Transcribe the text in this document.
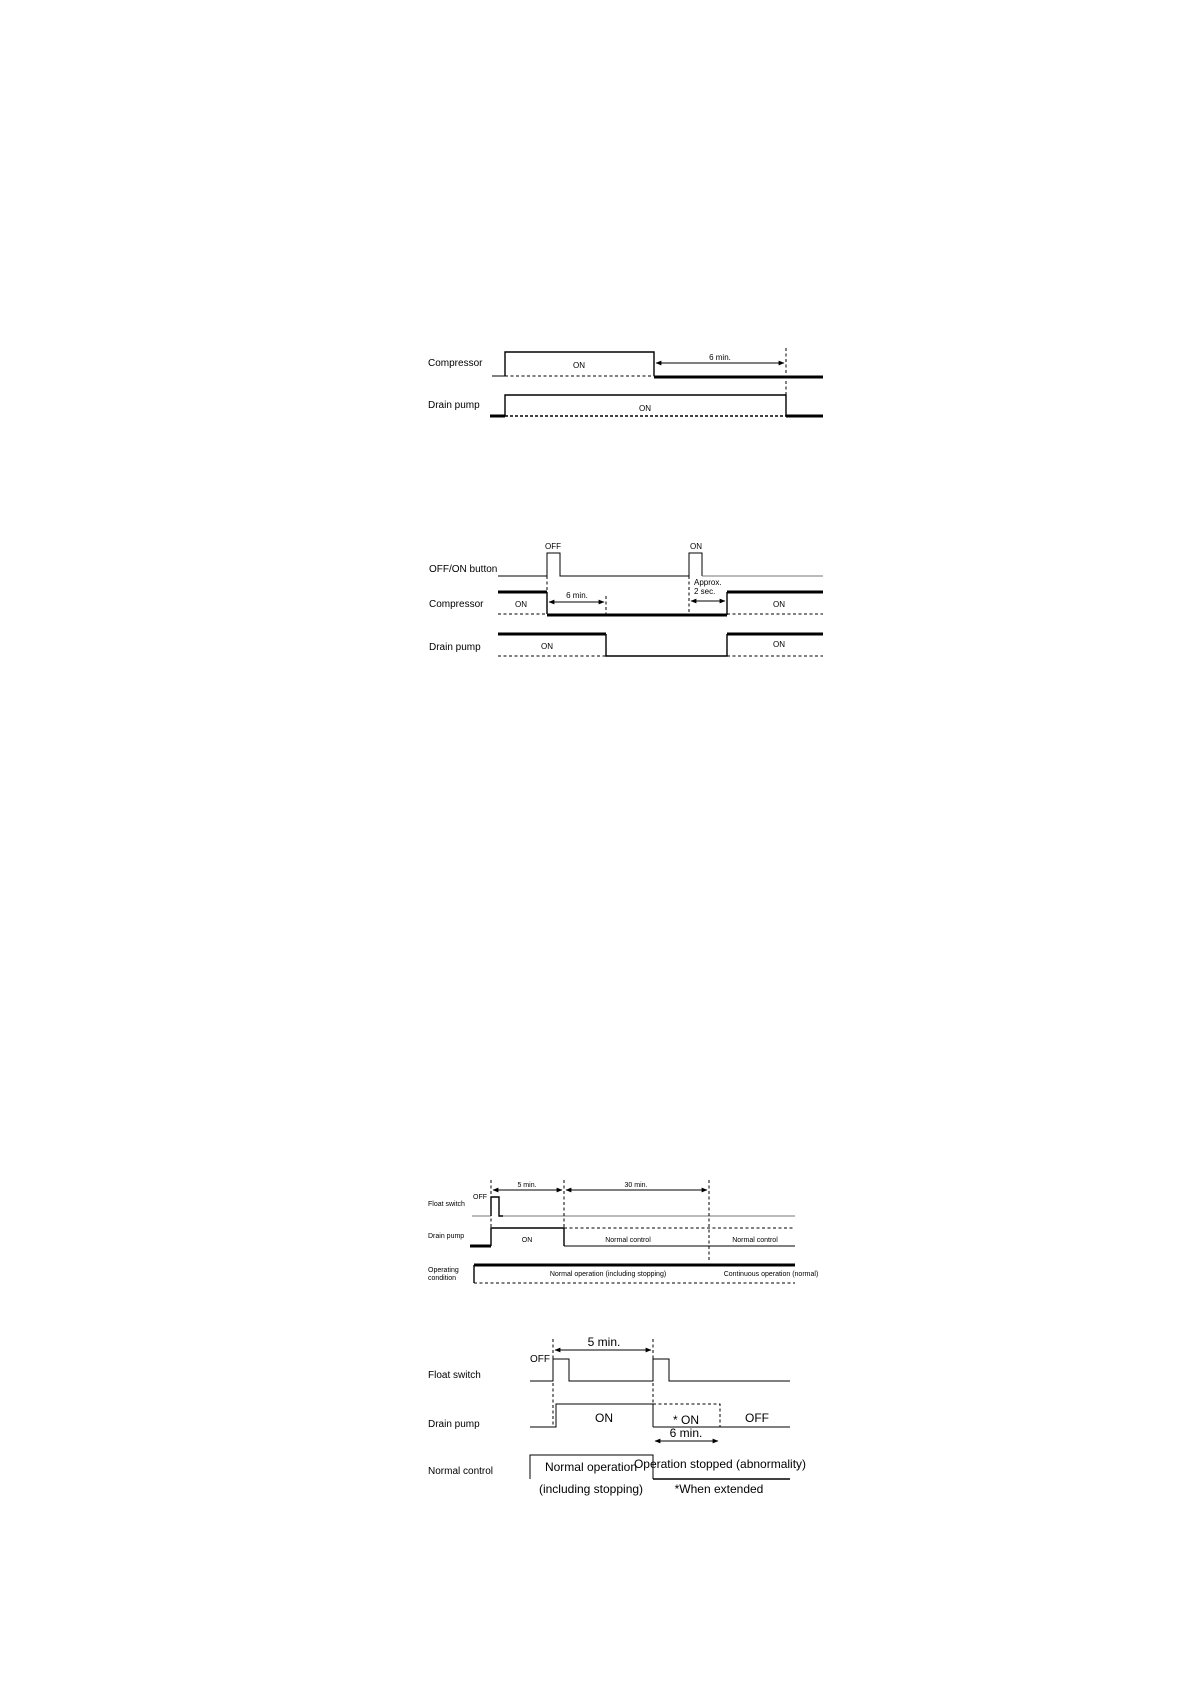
Compressor
Drain pump
ON
6 min.
ON
OFF/ON button
Compressor
Drain pump
OFF	ON
ON	ON
6 min.
Approx.
2 sec.
ON	ON
Float switch
Drain pump
Operating
condition
OFF
5 min.	30 min.
ON	Normal control	Normal control
Normal operation (including stopping)	Continuous operation (normal)
Float switch
Drain pump
Normal control
OFF
5 min.
ON	* ON	OFF
6 min.
Normal operation
(including stopping)
Operation stopped (abnormality)
*When extended
